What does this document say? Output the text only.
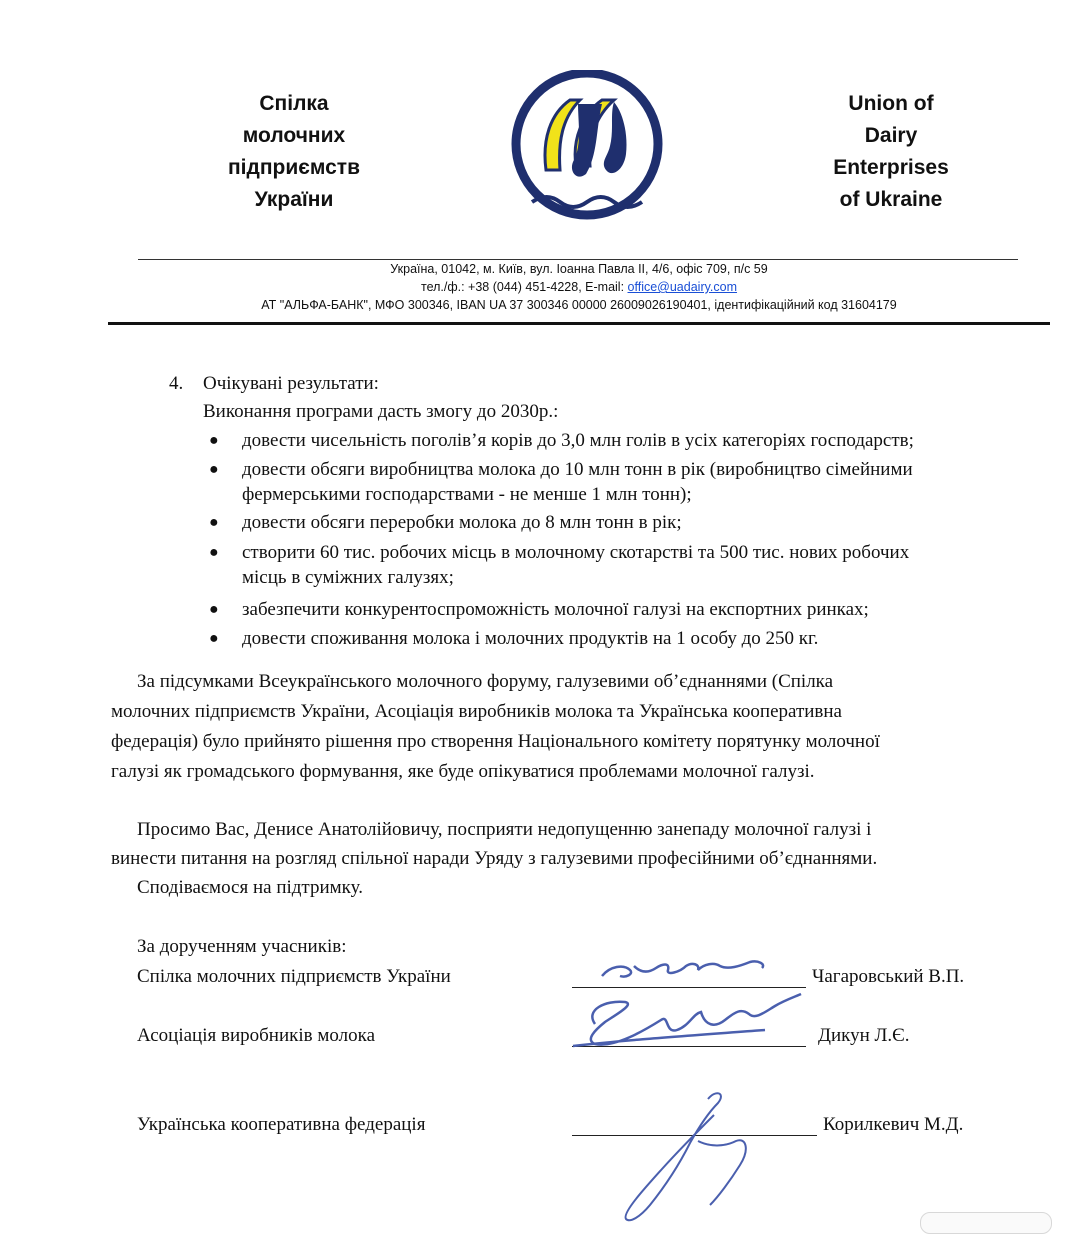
Спілка
молочних
підприємств
України
Union of
Dairy
Enterprises
of Ukraine
Україна, 01042, м. Київ, вул. Іоанна Павла ІІ, 4/6, офіс 709, п/с 59
тел./ф.: +38 (044) 451-4228, E-mail: office@uadairy.com
АТ "АЛЬФА-БАНК", МФО 300346, IBAN UA 37 300346 00000 26009026190401, ідентифікаційний код 31604179
4. Очікувані результати:
Виконання програми дасть змогу до 2030р.:
● довести чисельність поголів’я корів до 3,0 млн голів в усіх категоріях господарств;
● довести обсяги виробництва молока до 10 млн тонн в рік (виробництво сімейними
фермерськими господарствами - не менше 1 млн тонн);
● довести обсяги переробки молока до 8 млн тонн в рік;
● створити 60 тис. робочих місць в молочному скотарстві та 500 тис. нових робочих
місць в суміжних галузях;
● забезпечити конкурентоспроможність молочної галузі на експортних ринках;
● довести споживання молока і молочних продуктів на 1 особу до 250 кг.
За підсумками Всеукраїнського молочного форуму, галузевими об’єднаннями (Спілка
молочних підприємств України, Асоціація виробників молока та Українська кооперативна
федерація) було прийнято рішення про створення Національного комітету порятунку молочної
галузі як громадського формування, яке буде опікуватися проблемами молочної галузі.
Просимо Вас, Денисе Анатолійовичу, посприяти недопущенню занепаду молочної галузі і
винести питання на розгляд спільної наради Уряду з галузевими професійними об’єднаннями.
Сподіваємося на підтримку.
За дорученням учасників:
Спілка молочних підприємств України	Чагаровський В.П.
Асоціація виробників молока	Дикун Л.Є.
Українська кооперативна федерація	Корилкевич М.Д.
